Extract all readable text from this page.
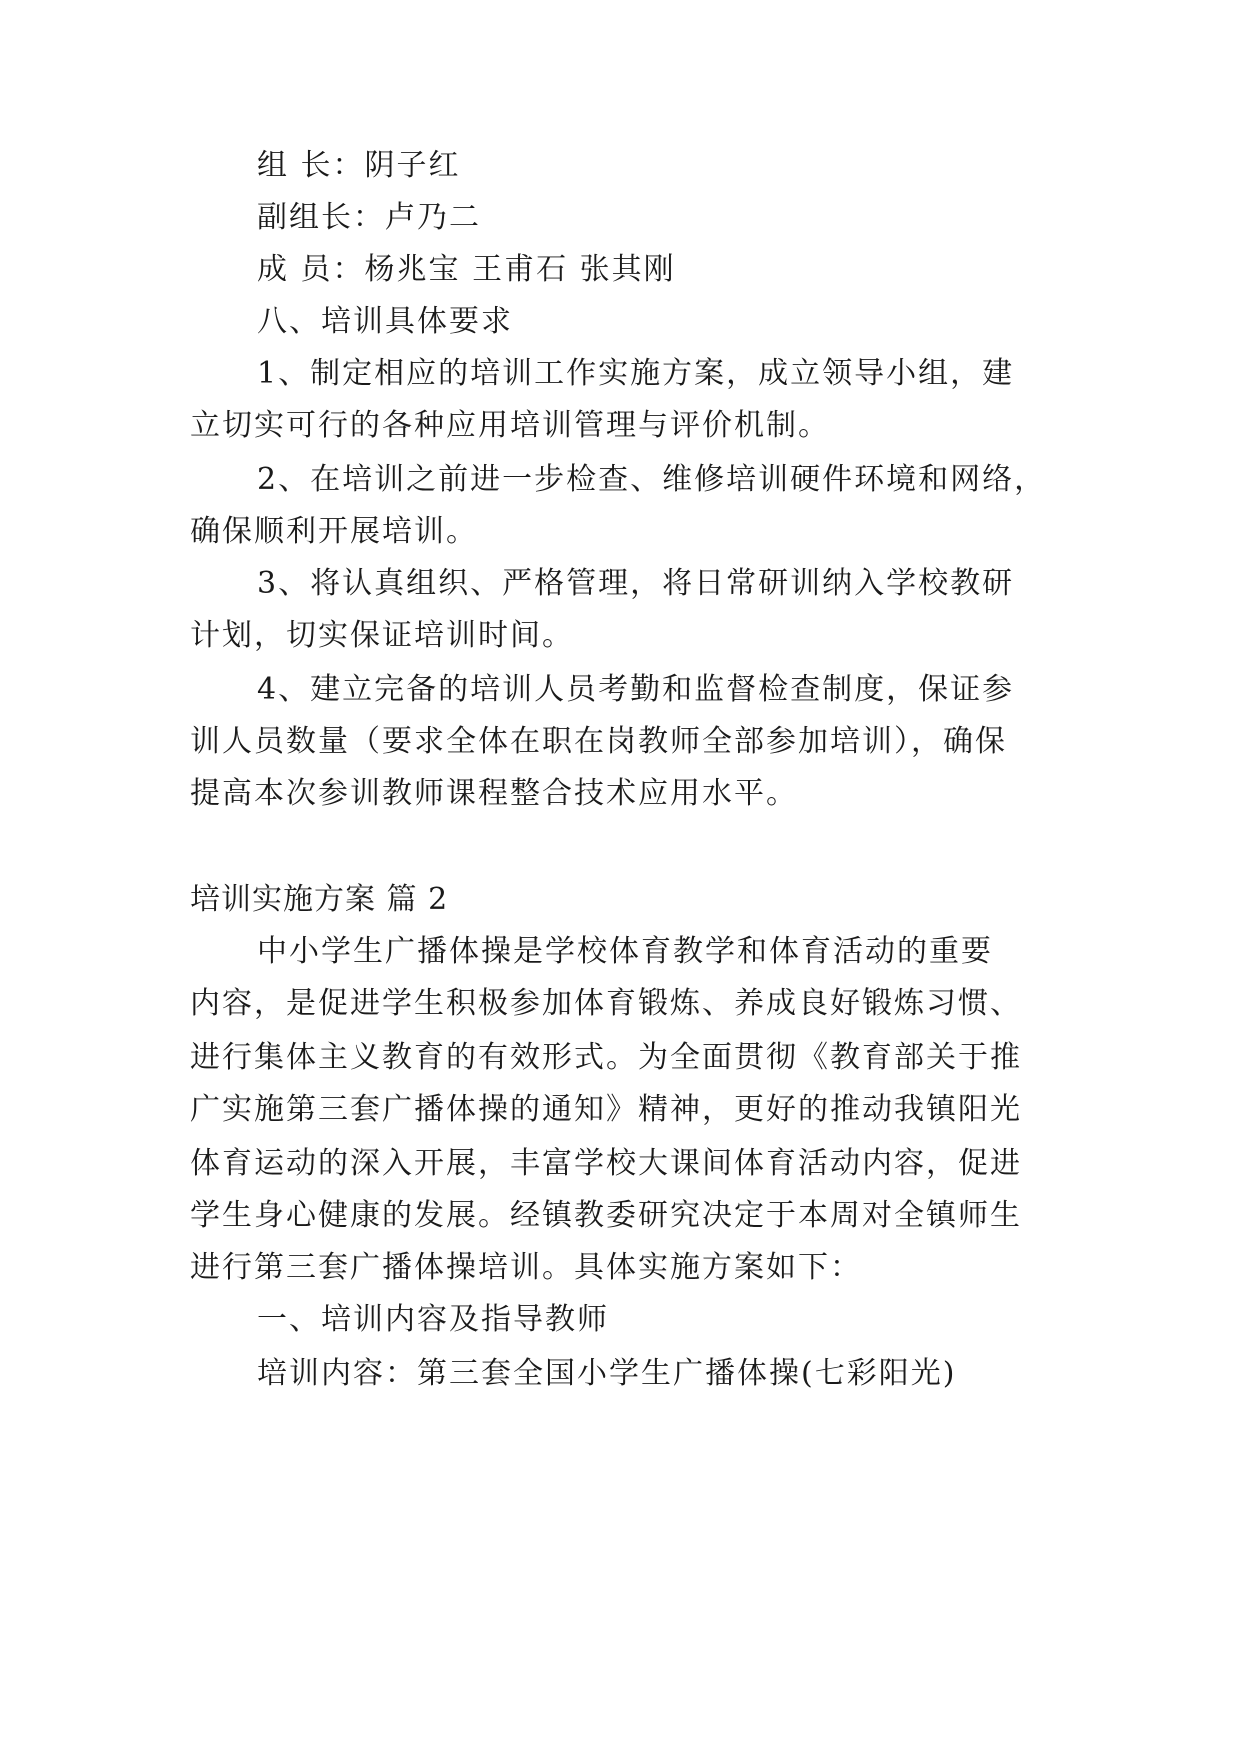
组 长：阴子红
副组长：卢乃二
成 员：杨兆宝 王甫石 张其刚
八、培训具体要求
1、制定相应的培训工作实施方案，成立领导小组，建
立切实可行的各种应用培训管理与评价机制。
2、在培训之前进一步检查、维修培训硬件环境和网络，
确保顺利开展培训。
3、将认真组织、严格管理，将日常研训纳入学校教研
计划，切实保证培训时间。
4、建立完备的培训人员考勤和监督检查制度，保证参
训人员数量（要求全体在职在岗教师全部参加培训），确保
提高本次参训教师课程整合技术应用水平。
培训实施方案 篇 2
中小学生广播体操是学校体育教学和体育活动的重要
内容，是促进学生积极参加体育锻炼、养成良好锻炼习惯、
进行集体主义教育的有效形式。为全面贯彻《教育部关于推
广实施第三套广播体操的通知》精神，更好的推动我镇阳光
体育运动的深入开展，丰富学校大课间体育活动内容，促进
学生身心健康的发展。经镇教委研究决定于本周对全镇师生
进行第三套广播体操培训。具体实施方案如下：
一、培训内容及指导教师
培训内容：第三套全国小学生广播体操(七彩阳光)
